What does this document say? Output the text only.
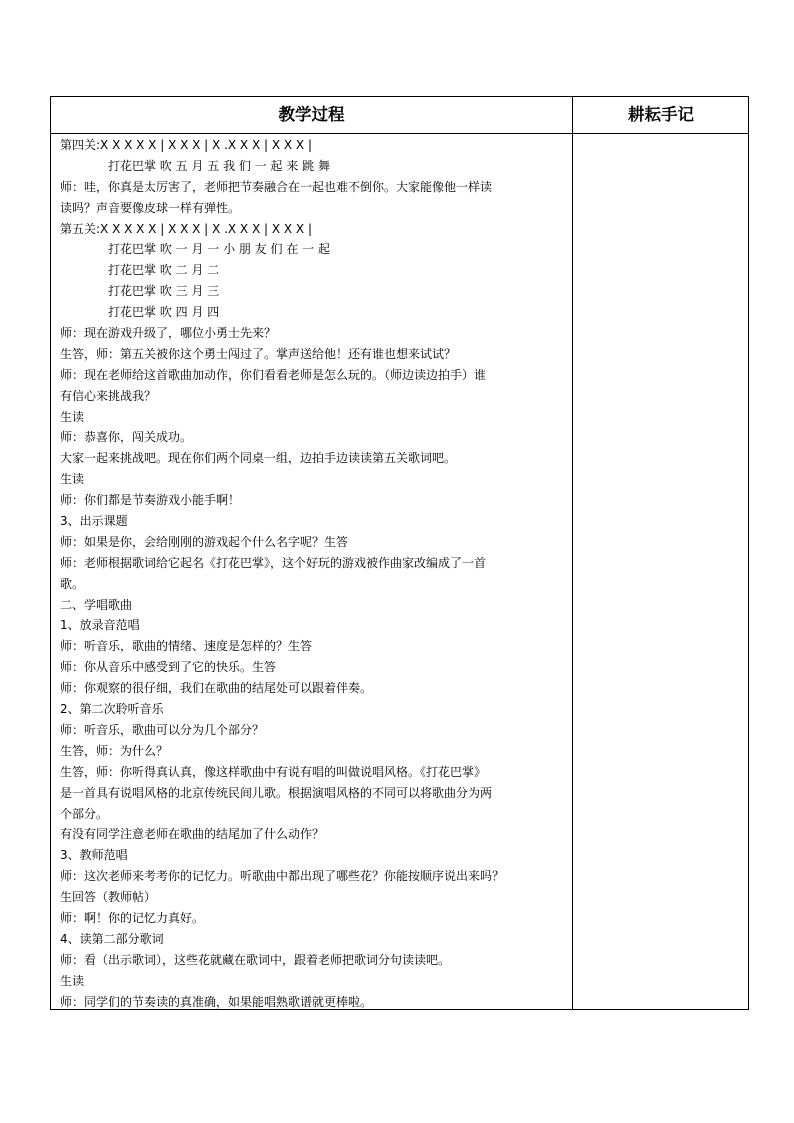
教学过程	耕耘手记
第四关:X X X X X | X X X | X .X X X | X X X |
打花巴掌 吹 五 月 五 我 们 一 起 来 跳 舞
师：哇，你真是太厉害了，老师把节奏融合在一起也难不倒你。大家能像他一样读
读吗？声音要像皮球一样有弹性。
第五关:X X X X X | X X X | X .X X X | X X X |
打花巴掌 吹 一 月 一 小 朋 友 们 在 一 起
打花巴掌 吹 二 月 二
打花巴掌 吹 三 月 三
打花巴掌 吹 四 月 四
师：现在游戏升级了，哪位小勇士先来？
生答，师：第五关被你这个勇士闯过了。掌声送给他！还有谁也想来试试？
师：现在老师给这首歌曲加动作，你们看看老师是怎么玩的。（师边读边拍手）谁
有信心来挑战我？
生读
师：恭喜你，闯关成功。
大家一起来挑战吧。现在你们两个同桌一组，边拍手边读读第五关歌词吧。
生读
师：你们都是节奏游戏小能手啊！
3、出示课题
师：如果是你，会给刚刚的游戏起个什么名字呢？生答
师：老师根据歌词给它起名《打花巴掌》，这个好玩的游戏被作曲家改编成了一首
歌。
二、学唱歌曲
1、放录音范唱
师：听音乐，歌曲的情绪、速度是怎样的？生答
师：你从音乐中感受到了它的快乐。生答
师：你观察的很仔细，我们在歌曲的结尾处可以跟着伴奏。
2、第二次聆听音乐
师：听音乐，歌曲可以分为几个部分？
生答，师：为什么？
生答，师：你听得真认真，像这样歌曲中有说有唱的叫做说唱风格。《打花巴掌》
是一首具有说唱风格的北京传统民间儿歌。根据演唱风格的不同可以将歌曲分为两
个部分。
有没有同学注意老师在歌曲的结尾加了什么动作？
3、教师范唱
师：这次老师来考考你的记忆力。听歌曲中都出现了哪些花？你能按顺序说出来吗？
生回答（教师帖）
师：啊！你的记忆力真好。
4、读第二部分歌词
师：看（出示歌词），这些花就藏在歌词中，跟着老师把歌词分句读读吧。
生读
师：同学们的节奏读的真准确，如果能唱熟歌谱就更棒啦。
